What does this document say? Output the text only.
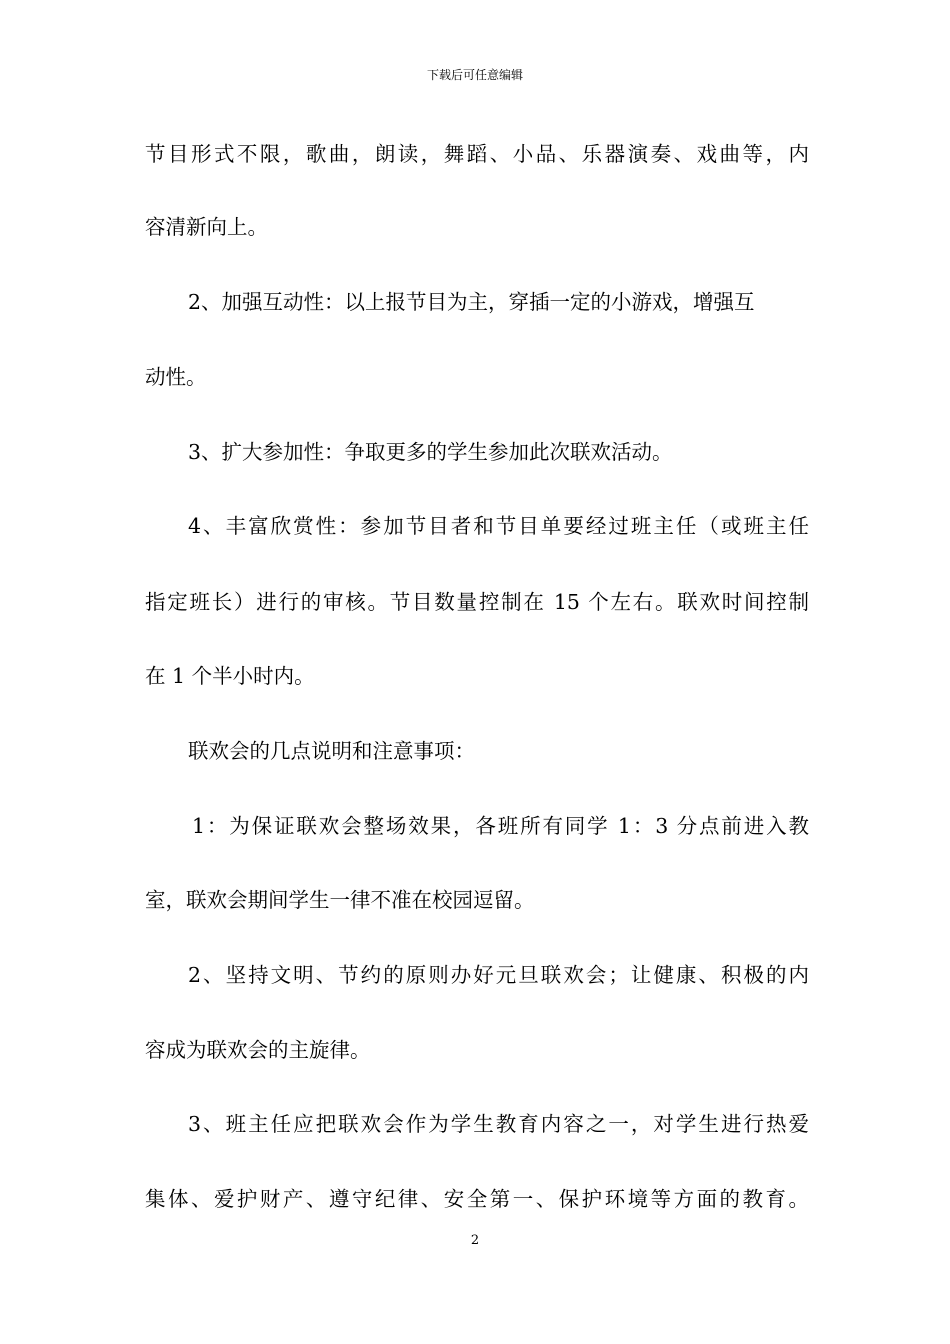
下载后可任意编辑
节目形式不限，歌曲，朗读，舞蹈、小品、乐器演奏、戏曲等，内
容清新向上。
2、加强互动性：以上报节目为主，穿插一定的小游戏，增强互
动性。
3、扩大参加性：争取更多的学生参加此次联欢活动。
4、丰富欣赏性：参加节目者和节目单要经过班主任（或班主任
指定班长）进行的审核。节目数量控制在 15 个左右。联欢时间控制
在 1 个半小时内。
联欢会的几点说明和注意事项：
1：为保证联欢会整场效果，各班所有同学 1：3 分点前进入教
室，联欢会期间学生一律不准在校园逗留。
2、坚持文明、节约的原则办好元旦联欢会；让健康、积极的内
容成为联欢会的主旋律。
3、班主任应把联欢会作为学生教育内容之一，对学生进行热爱
集体、爱护财产、遵守纪律、安全第一、保护环境等方面的教育。
2
